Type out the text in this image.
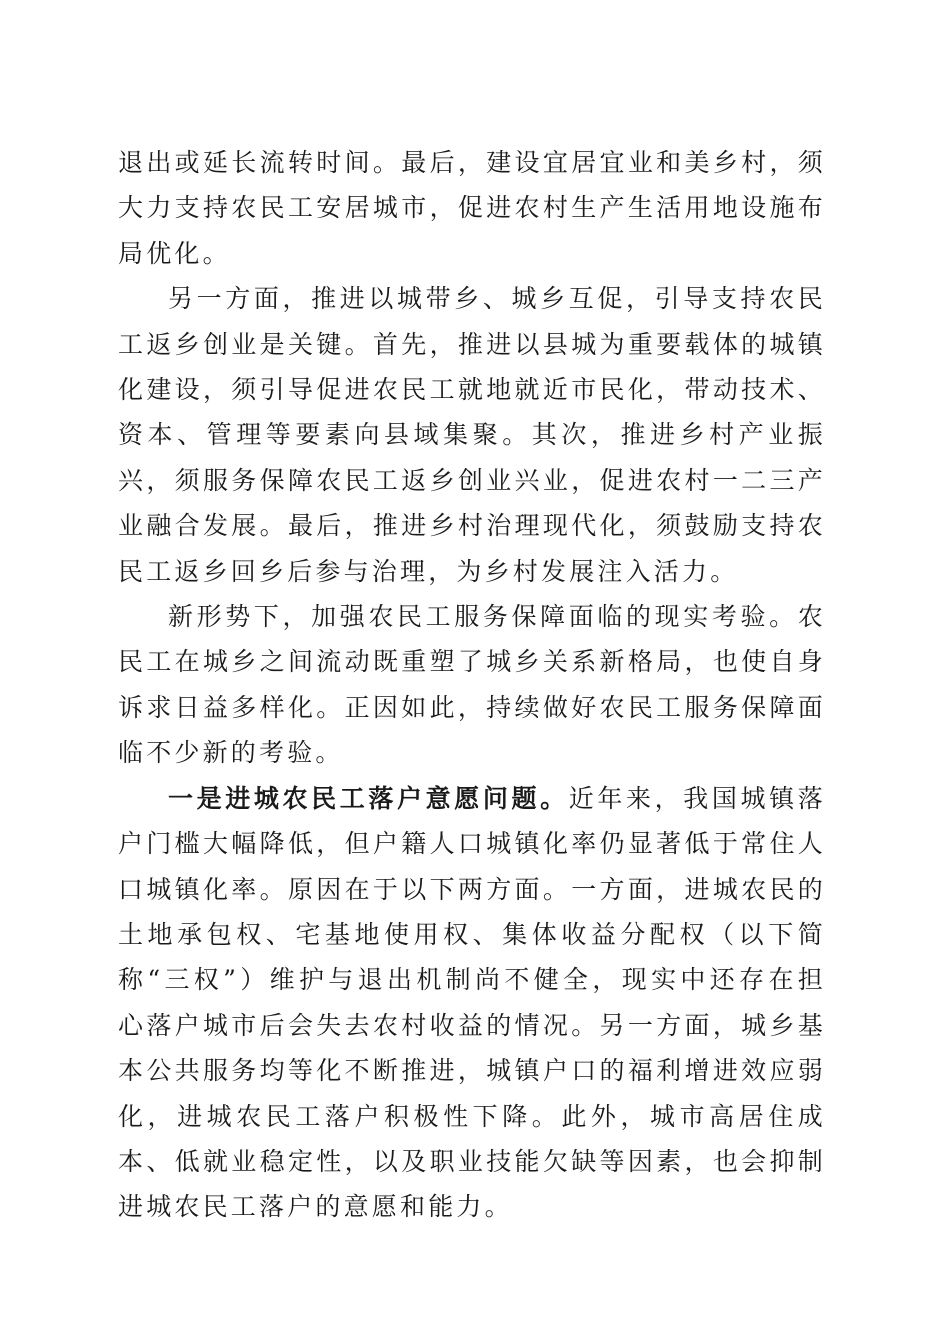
退出或延长流转时间。最后，建设宜居宜业和美乡村，须大力支持农民工安居城市，促进农村生产生活用地设施布局优化。

另一方面，推进以城带乡、城乡互促，引导支持农民工返乡创业是关键。首先，推进以县城为重要载体的城镇化建设，须引导促进农民工就地就近市民化，带动技术、资本、管理等要素向县域集聚。其次，推进乡村产业振兴，须服务保障农民工返乡创业兴业，促进农村一二三产业融合发展。最后，推进乡村治理现代化，须鼓励支持农民工返乡回乡后参与治理，为乡村发展注入活力。

新形势下，加强农民工服务保障面临的现实考验。农民工在城乡之间流动既重塑了城乡关系新格局，也使自身诉求日益多样化。正因如此，持续做好农民工服务保障面临不少新的考验。

一是进城农民工落户意愿问题。近年来，我国城镇落户门槛大幅降低，但户籍人口城镇化率仍显著低于常住人口城镇化率。原因在于以下两方面。一方面，进城农民的土地承包权、宅基地使用权、集体收益分配权（以下简称“三权”）维护与退出机制尚不健全，现实中还存在担心落户城市后会失去农村收益的情况。另一方面，城乡基本公共服务均等化不断推进，城镇户口的福利增进效应弱化，进城农民工落户积极性下降。此外，城市高居住成本、低就业稳定性，以及职业技能欠缺等因素，也会抑制进城农民工落户的意愿和能力。
